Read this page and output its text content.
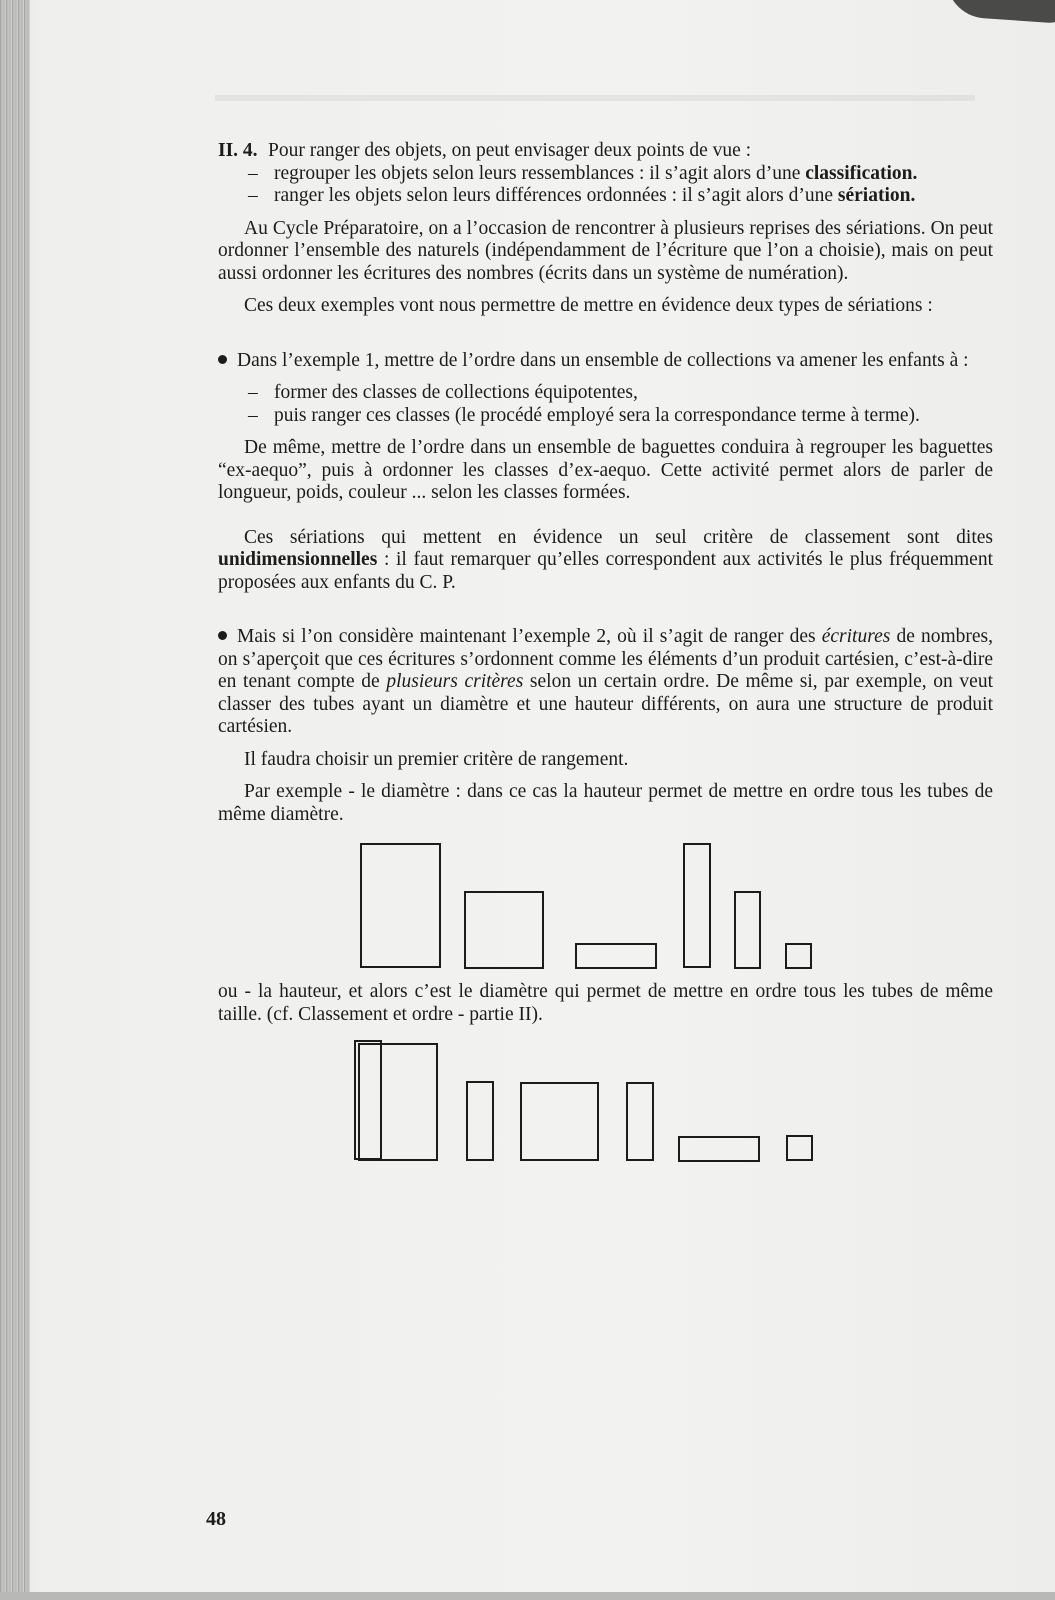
II. 4. Pour ranger des objets, on peut envisager deux points de vue :
– regrouper les objets selon leurs ressemblances : il s’agit alors d’une classification.
– ranger les objets selon leurs différences ordonnées : il s’agit alors d’une sériation.

Au Cycle Préparatoire, on a l’occasion de rencontrer à plusieurs reprises des sériations. On peut ordonner l’ensemble des naturels (indépendamment de l’écriture que l’on a choisie), mais on peut aussi ordonner les écritures des nombres (écrits dans un système de numération).

Ces deux exemples vont nous permettre de mettre en évidence deux types de sériations :

Dans l’exemple 1, mettre de l’ordre dans un ensemble de collections va amener les enfants à :

– former des classes de collections équipotentes,
– puis ranger ces classes (le procédé employé sera la correspondance terme à terme).

De même, mettre de l’ordre dans un ensemble de baguettes conduira à regrouper les baguettes “ex-aequo”, puis à ordonner les classes d’ex-aequo. Cette activité permet alors de parler de longueur, poids, couleur ... selon les classes formées.

Ces sériations qui mettent en évidence un seul critère de classement sont dites unidimensionnelles : il faut remarquer qu’elles correspondent aux activités le plus fréquemment proposées aux enfants du C. P.

Mais si l’on considère maintenant l’exemple 2, où il s’agit de ranger des écritures de nombres, on s’aperçoit que ces écritures s’ordonnent comme les éléments d’un produit cartésien, c’est-à-dire en tenant compte de plusieurs critères selon un certain ordre. De même si, par exemple, on veut classer des tubes ayant un diamètre et une hauteur différents, on aura une structure de produit cartésien.

Il faudra choisir un premier critère de rangement.

Par exemple - le diamètre : dans ce cas la hauteur permet de mettre en ordre tous les tubes de même diamètre.

ou - la hauteur, et alors c’est le diamètre qui permet de mettre en ordre tous les tubes de même taille. (cf. Classement et ordre - partie II).

48
